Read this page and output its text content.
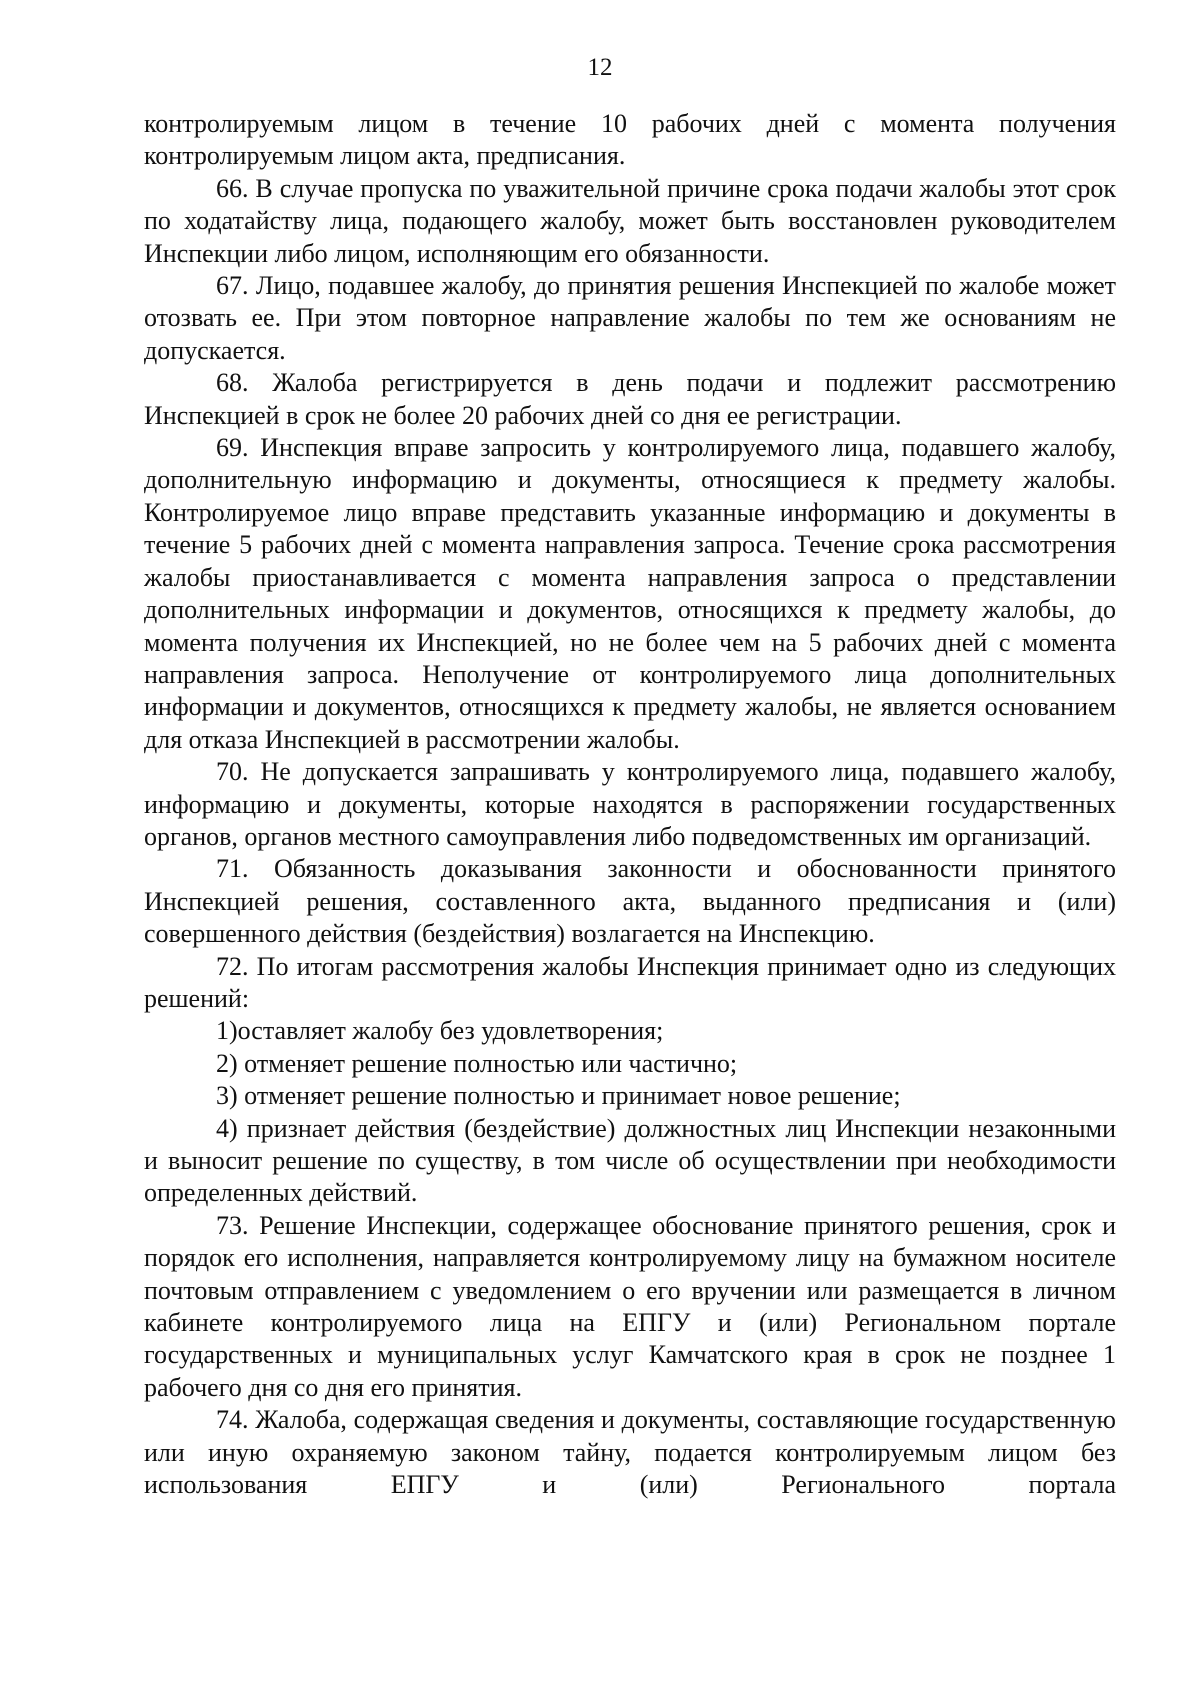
12

контролируемым лицом в течение 10 рабочих дней с момента получения контролируемым лицом акта, предписания.

66. В случае пропуска по уважительной причине срока подачи жалобы этот срок по ходатайству лица, подающего жалобу, может быть восстановлен руководителем Инспекции либо лицом, исполняющим его обязанности.

67. Лицо, подавшее жалобу, до принятия решения Инспекцией по жалобе может отозвать ее. При этом повторное направление жалобы по тем же основаниям не допускается.

68. Жалоба регистрируется в день подачи и подлежит рассмотрению Инспекцией в срок не более 20 рабочих дней со дня ее регистрации.

69. Инспекция вправе запросить у контролируемого лица, подавшего жалобу, дополнительную информацию и документы, относящиеся к предмету жалобы. Контролируемое лицо вправе представить указанные информацию и документы в течение 5 рабочих дней с момента направления запроса. Течение срока рассмотрения жалобы приостанавливается с момента направления запроса о представлении дополнительных информации и документов, относящихся к предмету жалобы, до момента получения их Инспекцией, но не более чем на 5 рабочих дней с момента направления запроса. Неполучение от контролируемого лица дополнительных информации и документов, относящихся к предмету жалобы, не является основанием для отказа Инспекцией в рассмотрении жалобы.

70. Не допускается запрашивать у контролируемого лица, подавшего жалобу, информацию и документы, которые находятся в распоряжении государственных органов, органов местного самоуправления либо подведомственных им организаций.

71. Обязанность доказывания законности и обоснованности принятого Инспекцией решения, составленного акта, выданного предписания и (или) совершенного действия (бездействия) возлагается на Инспекцию.

72. По итогам рассмотрения жалобы Инспекция принимает одно из следующих решений:

1)оставляет жалобу без удовлетворения;

2) отменяет решение полностью или частично;

3) отменяет решение полностью и принимает новое решение;

4) признает действия (бездействие) должностных лиц Инспекции незаконными и выносит решение по существу, в том числе об осуществлении при необходимости определенных действий.

73. Решение Инспекции, содержащее обоснование принятого решения, срок и порядок его исполнения, направляется контролируемому лицу на бумажном носителе почтовым отправлением с уведомлением о его вручении или размещается в личном кабинете контролируемого лица на ЕПГУ и (или) Региональном портале государственных и муниципальных услуг Камчатского края в срок не позднее 1 рабочего дня со дня его принятия.

74. Жалоба, содержащая сведения и документы, составляющие государственную или иную охраняемую законом тайну, подается контролируемым лицом без использования ЕПГУ и (или) Регионального портала
